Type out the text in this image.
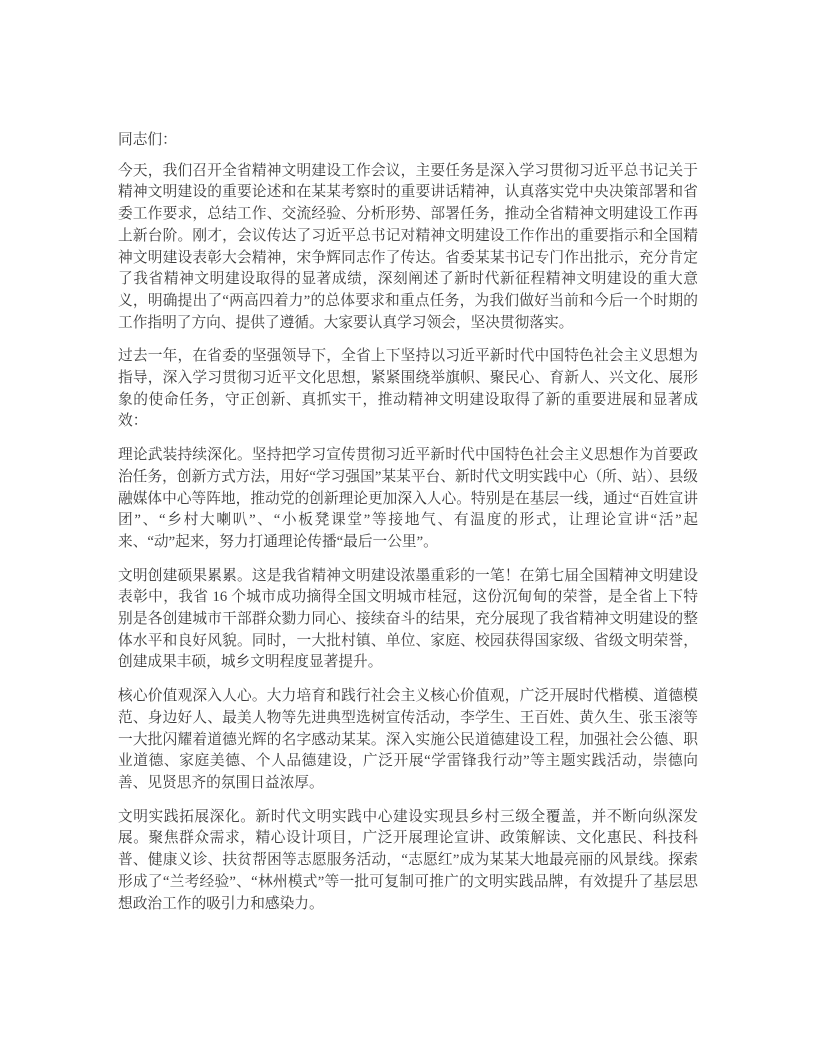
同志们：

今天，我们召开全省精神文明建设工作会议，主要任务是深入学习贯彻习近平总书记关于精神文明建设的重要论述和在某某考察时的重要讲话精神，认真落实党中央决策部署和省委工作要求，总结工作、交流经验、分析形势、部署任务，推动全省精神文明建设工作再上新台阶。刚才，会议传达了习近平总书记对精神文明建设工作作出的重要指示和全国精神文明建设表彰大会精神，宋争辉同志作了传达。省委某某书记专门作出批示，充分肯定了我省精神文明建设取得的显著成绩，深刻阐述了新时代新征程精神文明建设的重大意义，明确提出了“两高四着力”的总体要求和重点任务，为我们做好当前和今后一个时期的工作指明了方向、提供了遵循。大家要认真学习领会，坚决贯彻落实。

过去一年，在省委的坚强领导下，全省上下坚持以习近平新时代中国特色社会主义思想为指导，深入学习贯彻习近平文化思想，紧紧围绕举旗帜、聚民心、育新人、兴文化、展形象的使命任务，守正创新、真抓实干，推动精神文明建设取得了新的重要进展和显著成效：

理论武装持续深化。坚持把学习宣传贯彻习近平新时代中国特色社会主义思想作为首要政治任务，创新方式方法，用好“学习强国”某某平台、新时代文明实践中心（所、站）、县级融媒体中心等阵地，推动党的创新理论更加深入人心。特别是在基层一线，通过“百姓宣讲团”、“乡村大喇叭”、“小板凳课堂”等接地气、有温度的形式，让理论宣讲“活”起来、“动”起来，努力打通理论传播“最后一公里”。

文明创建硕果累累。这是我省精神文明建设浓墨重彩的一笔！在第七届全国精神文明建设表彰中，我省 16 个城市成功摘得全国文明城市桂冠，这份沉甸甸的荣誉，是全省上下特别是各创建城市干部群众勠力同心、接续奋斗的结果，充分展现了我省精神文明建设的整体水平和良好风貌。同时，一大批村镇、单位、家庭、校园获得国家级、省级文明荣誉，创建成果丰硕，城乡文明程度显著提升。

核心价值观深入人心。大力培育和践行社会主义核心价值观，广泛开展时代楷模、道德模范、身边好人、最美人物等先进典型选树宣传活动，李学生、王百姓、黄久生、张玉滚等一大批闪耀着道德光辉的名字感动某某。深入实施公民道德建设工程，加强社会公德、职业道德、家庭美德、个人品德建设，广泛开展“学雷锋我行动”等主题实践活动，崇德向善、见贤思齐的氛围日益浓厚。

文明实践拓展深化。新时代文明实践中心建设实现县乡村三级全覆盖，并不断向纵深发展。聚焦群众需求，精心设计项目，广泛开展理论宣讲、政策解读、文化惠民、科技科普、健康义诊、扶贫帮困等志愿服务活动，“志愿红”成为某某大地最亮丽的风景线。探索形成了“兰考经验”、“林州模式”等一批可复制可推广的文明实践品牌，有效提升了基层思想政治工作的吸引力和感染力。
